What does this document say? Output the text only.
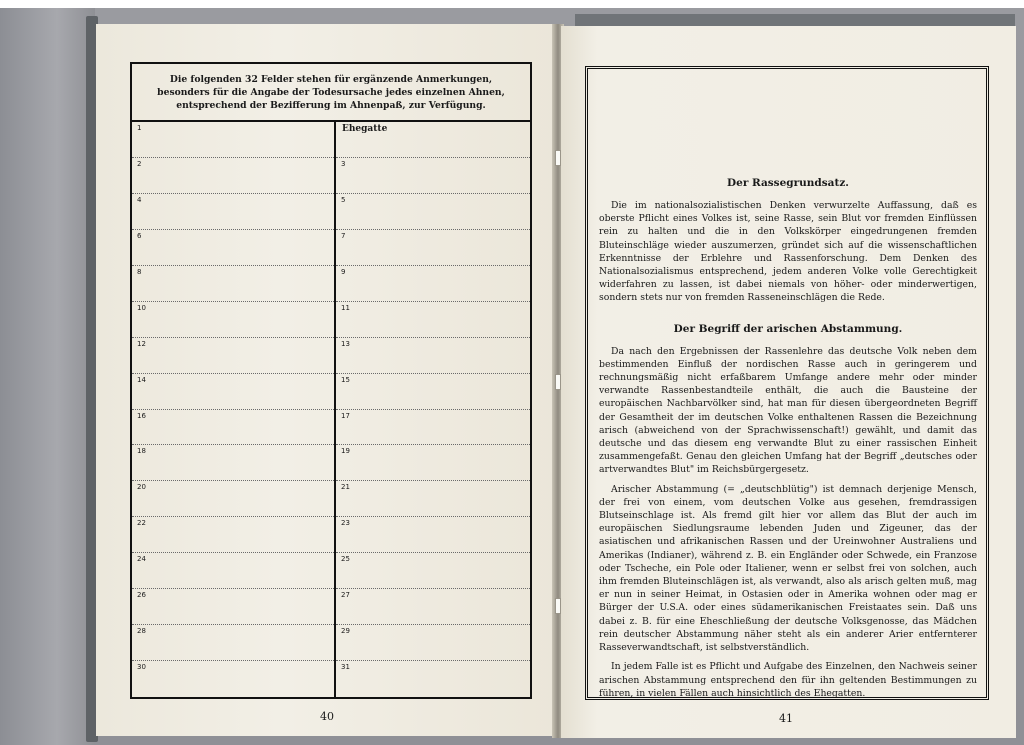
Die folgenden 32 Felder stehen für ergänzende Anmerkungen, besonders für die Angabe der Todesursache jedes einzelnen Ahnen, entsprechend der Bezifferung im Ahnenpaß, zur Verfügung.
1	Ehegatte
2	3
4	5
6	7
8	9
10	11
12	13
14	15
16	17
18	19
20	21
22	23
24	25
26	27
28	29
30	31
40
Der Rassegrundsatz.

Die im nationalsozialistischen Denken verwurzelte Auffassung, daß es oberste Pflicht eines Volkes ist, seine Rasse, sein Blut vor fremden Einflüssen rein zu halten und die in den Volkskörper eingedrungenen fremden Bluteinschläge wieder auszumerzen, gründet sich auf die wissenschaftlichen Erkenntnisse der Erblehre und Rassenforschung. Dem Denken des Nationalsozialismus entsprechend, jedem anderen Volke volle Gerechtigkeit widerfahren zu lassen, ist dabei niemals von höher- oder minderwertigen, sondern stets nur von fremden Rasseneinschlägen die Rede.

Der Begriff der arischen Abstammung.

Da nach den Ergebnissen der Rassenlehre das deutsche Volk neben dem bestimmenden Einfluß der nordischen Rasse auch in geringerem und rechnungsmäßig nicht erfaßbarem Umfange andere mehr oder minder verwandte Rassenbestandteile enthält, die auch die Bausteine der europäischen Nachbarvölker sind, hat man für diesen übergeordneten Begriff der Gesamtheit der im deutschen Volke enthaltenen Rassen die Bezeichnung arisch (abweichend von der Sprachwissenschaft!) gewählt, und damit das deutsche und das diesem eng verwandte Blut zu einer rassischen Einheit zusammengefaßt. Genau den gleichen Umfang hat der Begriff „deutsches oder artverwandtes Blut" im Reichsbürgergesetz.

Arischer Abstammung (= „deutschblütig") ist demnach derjenige Mensch, der frei von einem, vom deutschen Volke aus gesehen, fremdrassigen Blutseinschlage ist. Als fremd gilt hier vor allem das Blut der auch im europäischen Siedlungsraume lebenden Juden und Zigeuner, das der asiatischen und afrikanischen Rassen und der Ureinwohner Australiens und Amerikas (Indianer), während z. B. ein Engländer oder Schwede, ein Franzose oder Tscheche, ein Pole oder Italiener, wenn er selbst frei von solchen, auch ihm fremden Bluteinschlägen ist, als verwandt, also als arisch gelten muß, mag er nun in seiner Heimat, in Ostasien oder in Amerika wohnen oder mag er Bürger der U.S.A. oder eines südamerikanischen Freistaates sein. Daß uns dabei z. B. für eine Eheschließung der deutsche Volksgenosse, das Mädchen rein deutscher Abstammung näher steht als ein anderer Arier entfernterer Rasseverwandtschaft, ist selbstverständlich.

In jedem Falle ist es Pflicht und Aufgabe des Einzelnen, den Nachweis seiner arischen Abstammung entsprechend den für ihn geltenden Bestimmungen zu führen, in vielen Fällen auch hinsichtlich des Ehegatten.

41
